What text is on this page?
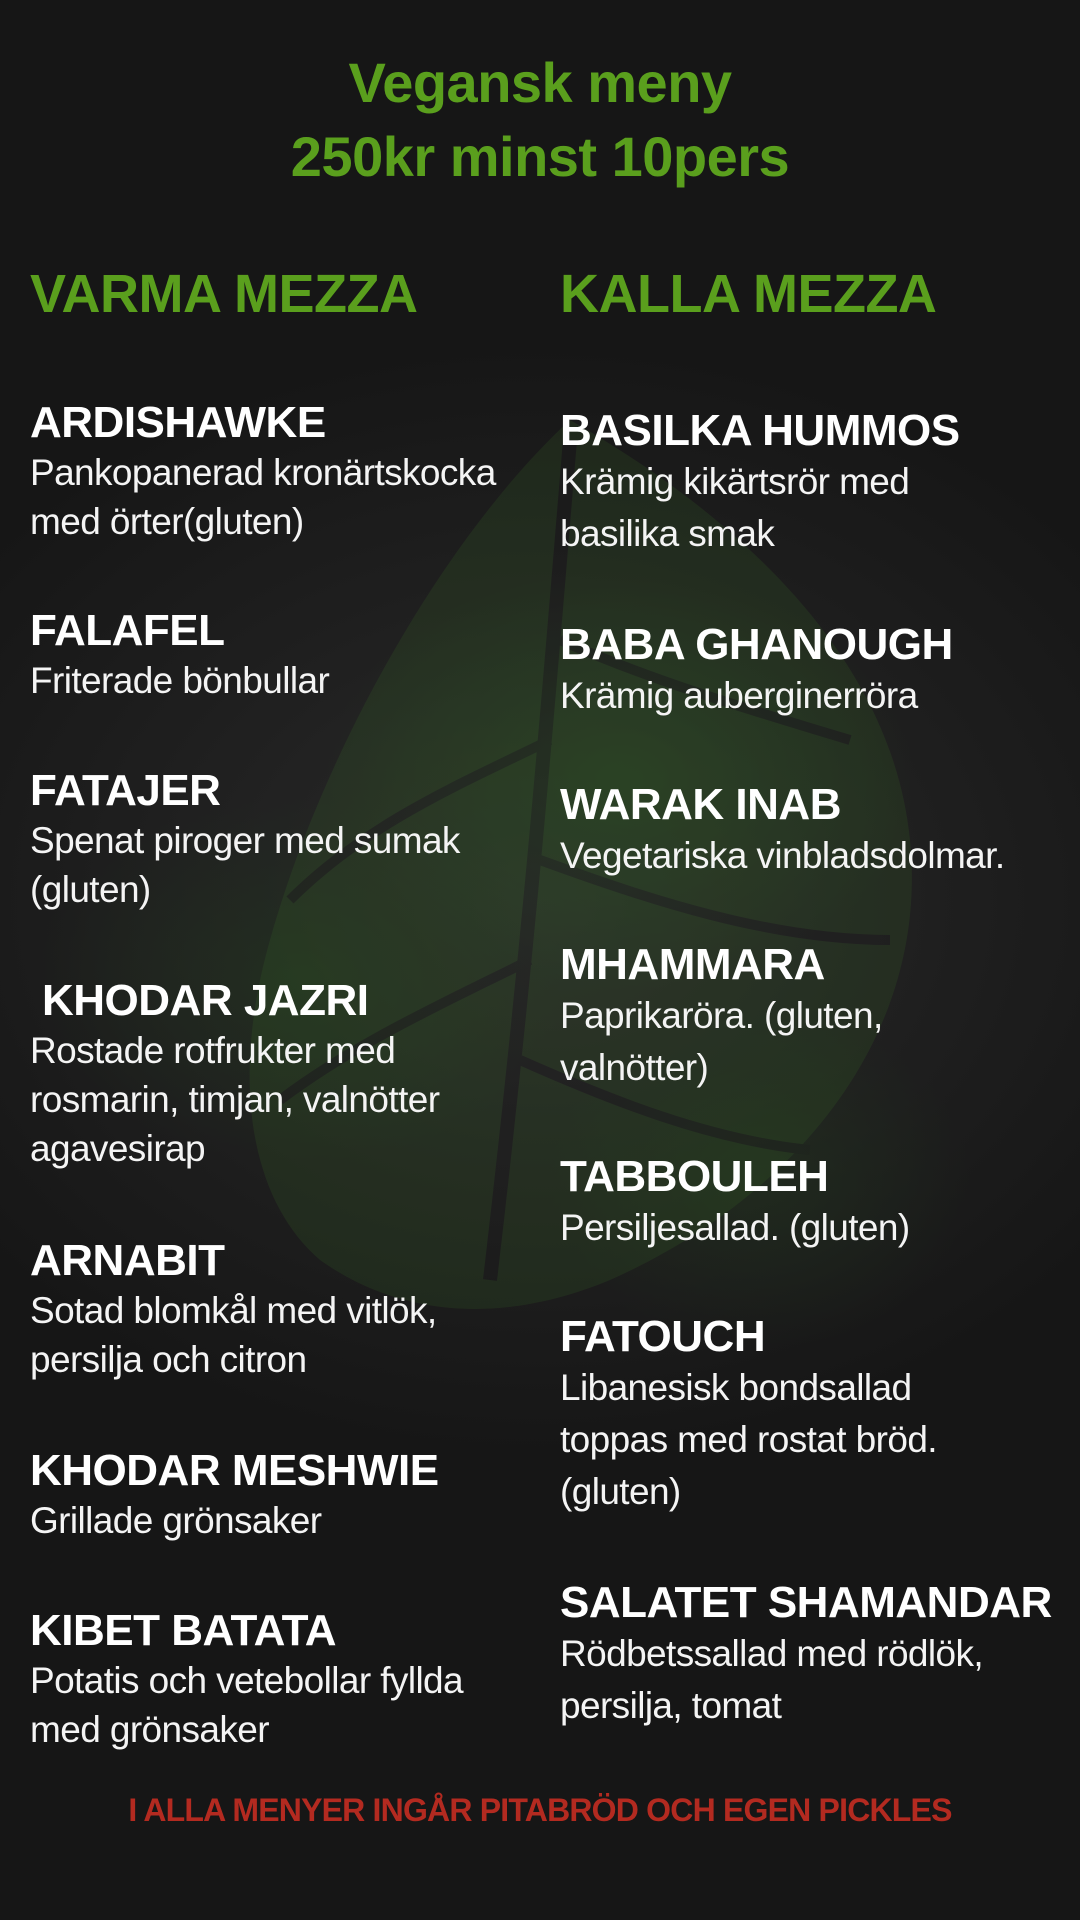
Vegansk meny
250kr minst 10pers
VARMA MEZZA
ARDISHAWKE
Pankopanerad kronärtskocka med örter(gluten)
FALAFEL
Friterade bönbullar
FATAJER
Spenat piroger med sumak (gluten)
KHODAR JAZRI
Rostade rotfrukter med rosmarin, timjan, valnötter agavesirap
ARNABIT
Sotad blomkål med vitlök, persilja och citron
KHODAR MESHWIE
Grillade grönsaker
KIBET BATATA
Potatis och vetebollar fyllda med grönsaker
KALLA MEZZA
BASILKA HUMMOS
Krämig kikärtsrör med basilika smak
BABA GHANOUGH
Krämig auberginerröra
WARAK INAB
Vegetariska vinbladsdolmar.
MHAMMARA
Paprikaröra. (gluten, valnötter)
TABBOULEH
Persiljesallad. (gluten)
FATOUCH
Libanesisk bondsallad toppas med rostat bröd. (gluten)
SALATET SHAMANDAR
Rödbetssallad med rödlök, persilja, tomat
I ALLA MENYER INGÅR PITABRÖD OCH EGEN PICKLES
